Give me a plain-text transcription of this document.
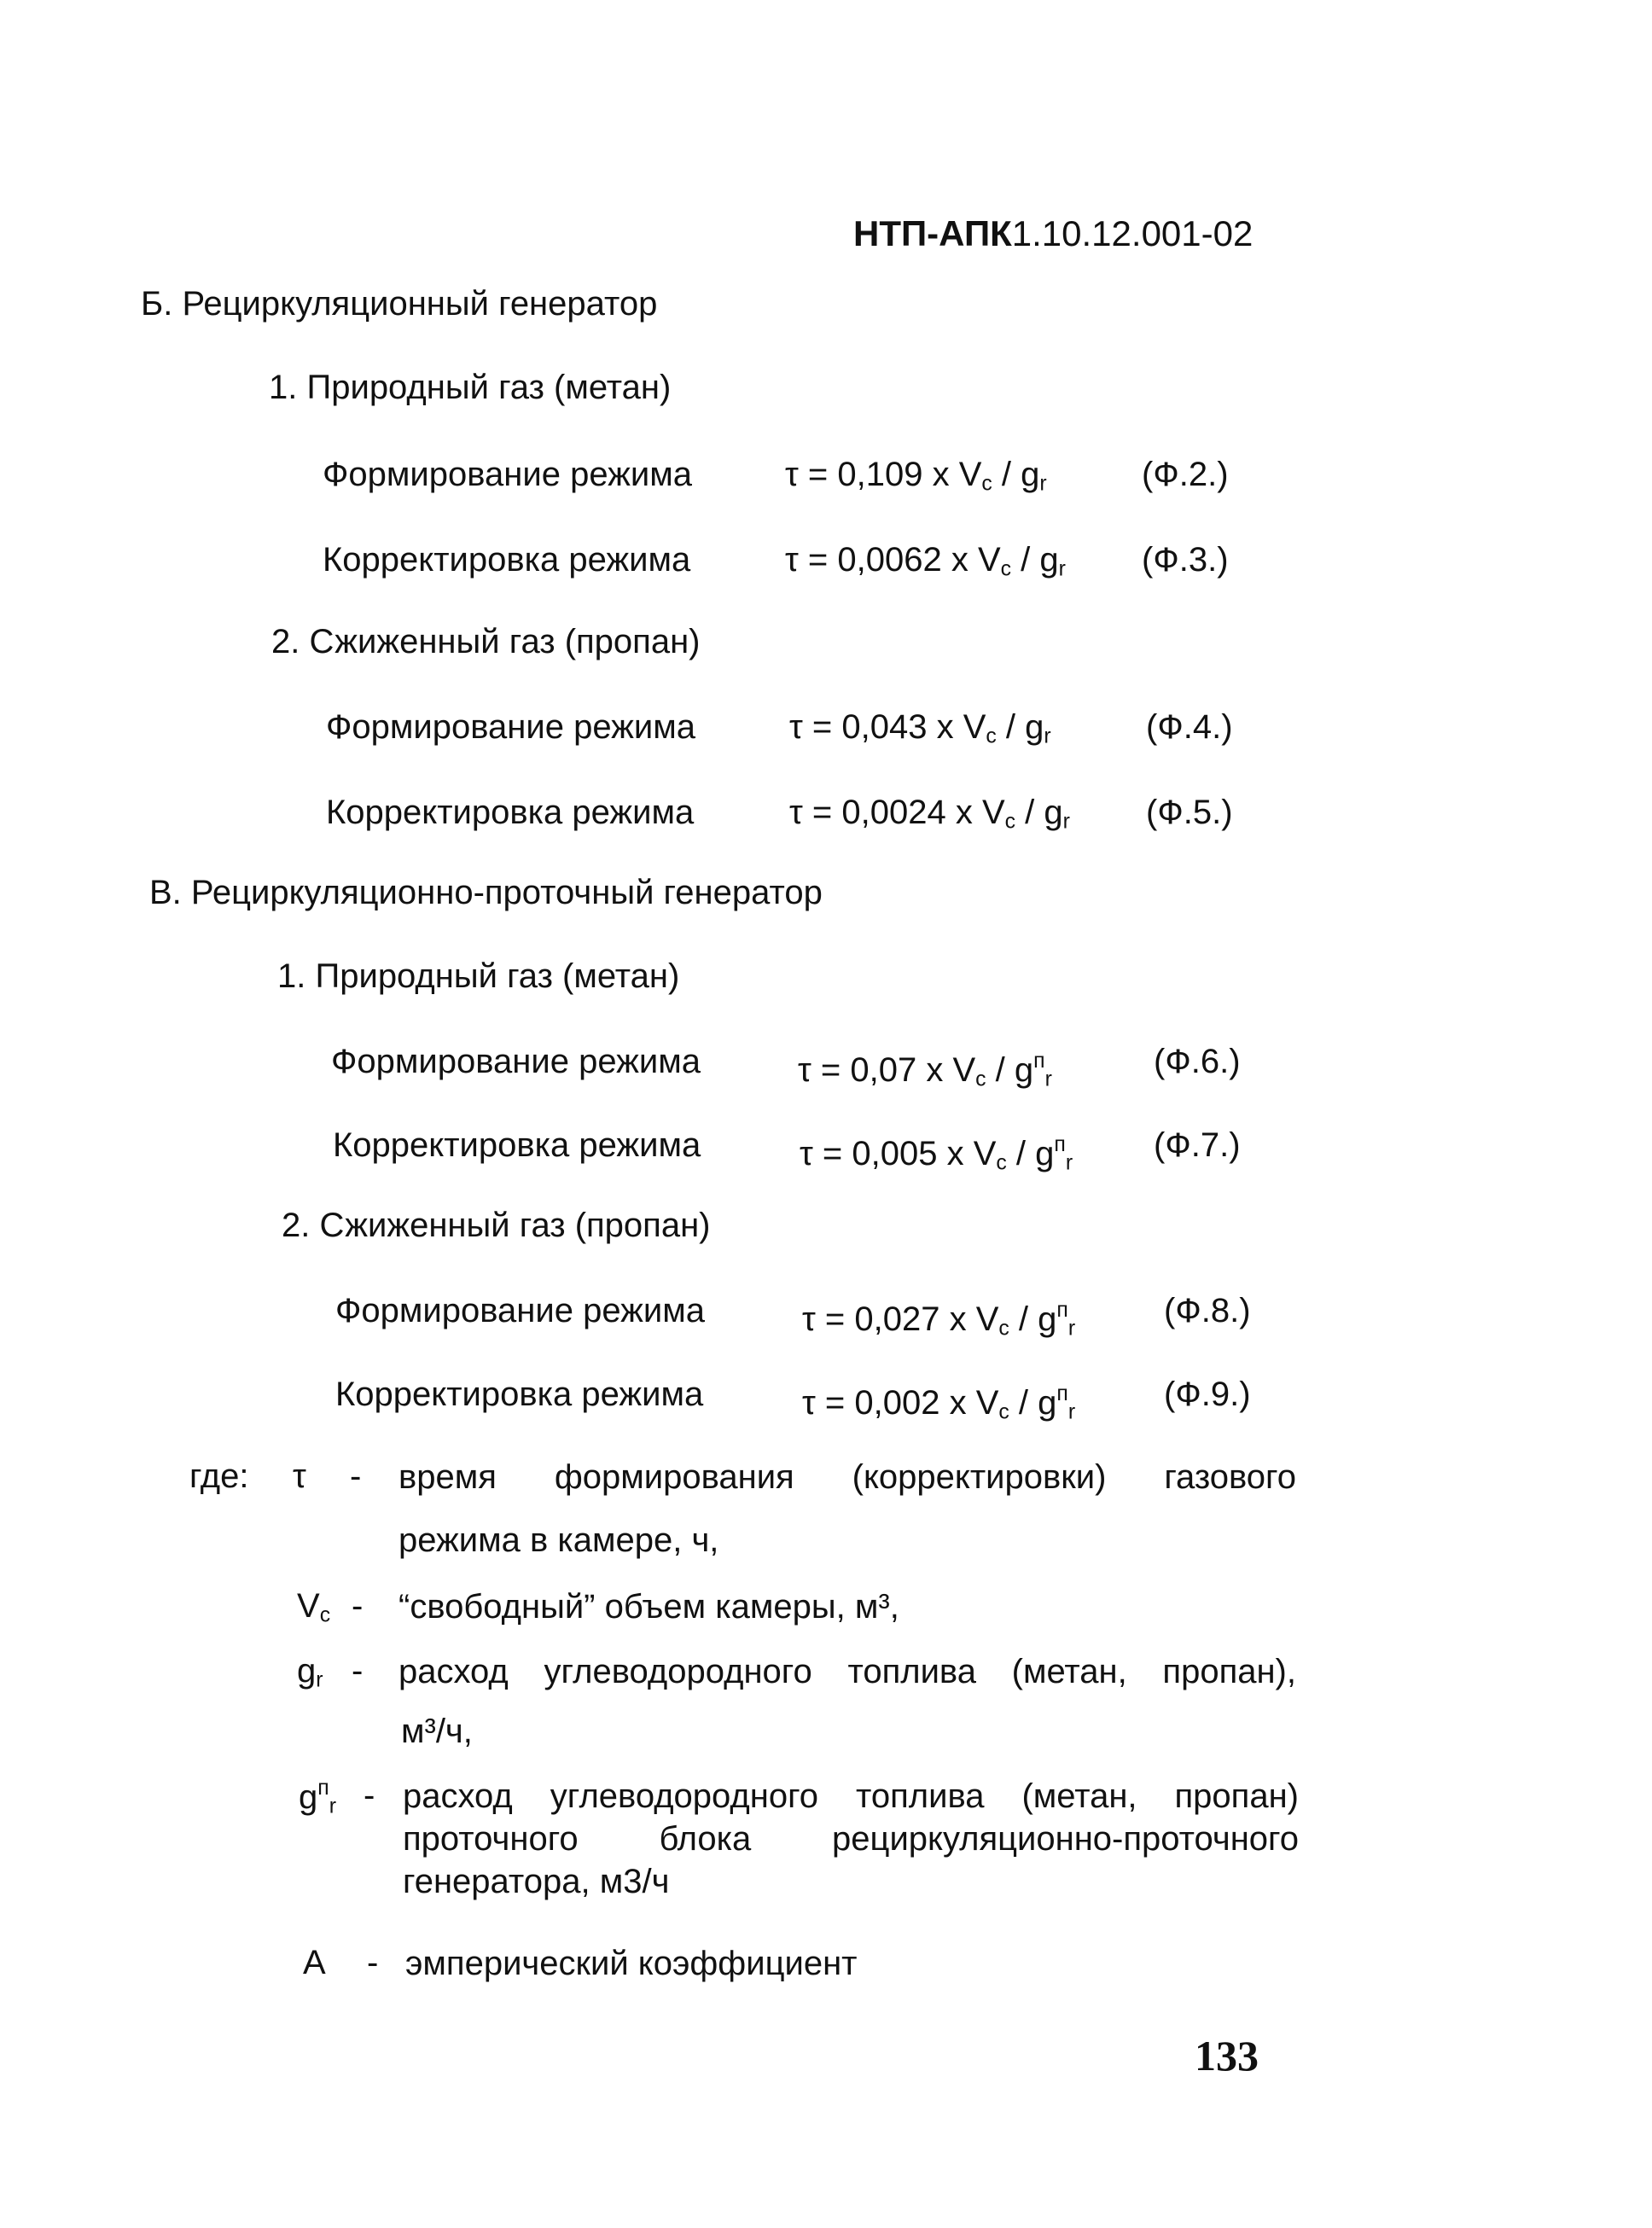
НТП-АПК1.10.12.001-02
Б. Рециркуляционный генератор
1. Природный газ (метан)
Формирование режима	τ = 0,109 x $V_c / g_r$	(Ф.2.)
Корректировка режима	τ = 0,0062 x $V_c / g_r$ (Ф.3.)
2. Сжиженный газ (пропан)
Формирование режима	τ = 0,043 x $V_c / g_r$	(Ф.4.)
Корректировка режима	τ = 0,0024 x $V_c / g_r$ (Ф.5.)
В. Рециркуляционно-проточный генератор
1. Природный газ (метан)
Формирование режима	τ = 0,07 x $V_c / g^п_r$	(Ф.6.)
Корректировка режима	τ = 0,005 x $V_c / g^п_r$ (Ф.7.)
2. Сжиженный газ (пропан)
Формирование режима	τ = 0,027 x $V_c / g^п_r$	(Ф.8.)
Корректировка режима	τ = 0,002 x $V_c / g^п_r$	(Ф.9.)
где: τ - время формирования (корректировки) газового
режима в камере, ч,
$V_c$ - “свободный” объем камеры, м³,
$g_r$ - расход углеводородного топлива (метан, пропан),
м³/ч,
$g^п_r$ - расход углеводородного топлива (метан, пропан)
проточного блока рециркуляционно-проточного
генератора, м3/ч
А - эмперический коэффициент
133
